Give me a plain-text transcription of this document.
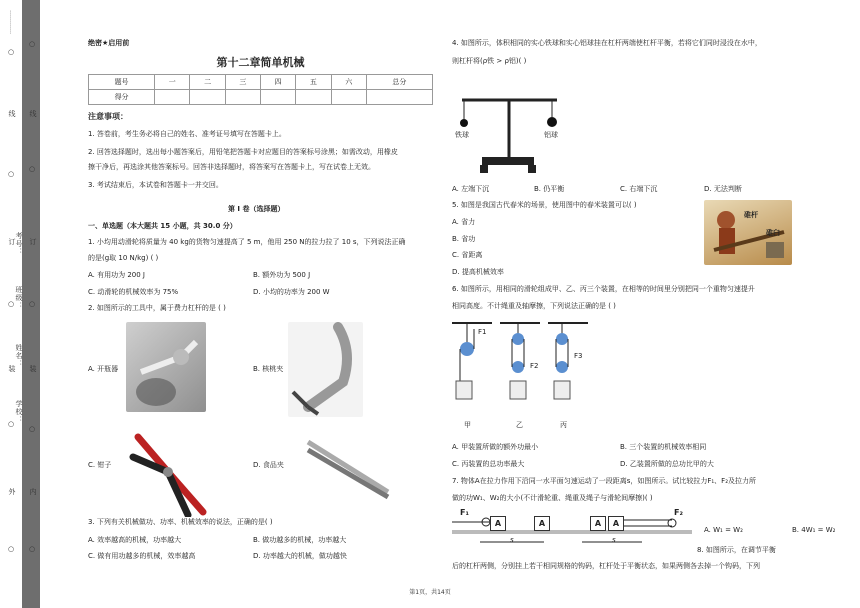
…………
○
线
○
订
○
装
○
外
○
○
线
○
订
○
装
○
内
○
考号：
班级：
姓名：
学校：
绝密★启用前
第十二章简单机械
题号	一	二	三	四	五	六	总分
得分							
注意事项：
1. 答卷前，考生务必将自己的姓名、准考证号填写在答题卡上。
2. 回答选择题时，选出每小题答案后，用铅笔把答题卡对应题目的答案标号涂黑；如需改动，用橡皮
擦干净后，再选涂其他答案标号。回答非选择题时，将答案写在答题卡上，写在试卷上无效。
3. 考试结束后，本试卷和答题卡一并交回。
第 I 卷（选择题）
一、单选题（本大题共 15 小题，共 30.0 分）
1. 小均用动滑轮将质量为 40 kg的货物匀速提高了 5 m，他用 250 N的拉力拉了 10 s，下列说法正确
的是(g取 10 N/kg) ( )
A. 有用功为 200 J	B. 额外功为 500 J
C. 动滑轮的机械效率为 75%	D. 小均的功率为 200 W
2. 如图所示的工具中，属于费力杠杆的是 ( )
A. 开瓶器	B. 核桃夹
C. 钳子	D. 食品夹
3. 下列有关机械做功、功率、机械效率的说法，正确的是( )
A. 效率越高的机械，功率越大	B. 做功越多的机械，功率越大
C. 做有用功越多的机械，效率越高	D. 功率越大的机械，做功越快
4. 如图所示，体积相同的实心铁球和实心铝球挂在杠杆两端使杠杆平衡，若将它们同时浸没在水中，
则杠杆将(ρ铁 > ρ铝)( )
铁球	铝球
A. 左端下沉	B. 仍平衡	C. 右端下沉	D. 无法判断
5. 如图是我国古代春米的场景，使用图中的春米装置可以( )
A. 省力
B. 省功
C. 省距离
D. 提高机械效率
碓杆
碓臼
6. 如图所示，用相同的滑轮组成甲、乙、丙三个装置，在相等的时间里分别把同一个重物匀速提升
相同高度。不计绳重及轴摩擦，下列说法正确的是 ( )
F1
F2
F3
甲	乙	丙
A. 甲装置所做的额外功最小	B. 三个装置的机械效率相同
C. 丙装置的总功率最大	D. 乙装置所做的总功比甲的大
7. 物体A在拉力作用下沿同一水平面匀速运动了一段距离s，如图所示。试比较拉力F₁、F₂及拉力所
做的功W₁、W₂的大小(不计滑轮重、绳重及绳子与滑轮间摩擦)( )
F₁
A	A
s
A	A
F₂
s
A. W₁ = W₂	B. 4W₁ = W₂
8. 如图所示，在调节平衡
后的杠杆两侧，分别挂上若干相同规格的钩码，杠杆处于平衡状态，如果两侧各去掉一个钩码，下列
第1页，共14页
